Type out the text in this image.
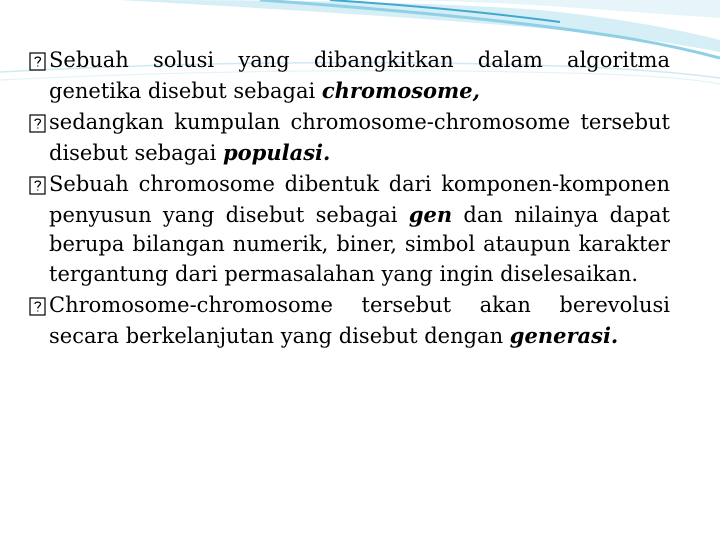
Sebuah solusi yang dibangkitkan dalam algoritma genetika disebut sebagai chromosome,
sedangkan kumpulan chromosome-chromosome tersebut disebut sebagai populasi.
Sebuah chromosome dibentuk dari komponen-komponen penyusun yang disebut sebagai gen dan nilainya dapat berupa bilangan numerik, biner, simbol ataupun karakter tergantung dari permasalahan yang ingin diselesaikan.
Chromosome-chromosome tersebut akan berevolusi secara berkelanjutan yang disebut dengan generasi.
